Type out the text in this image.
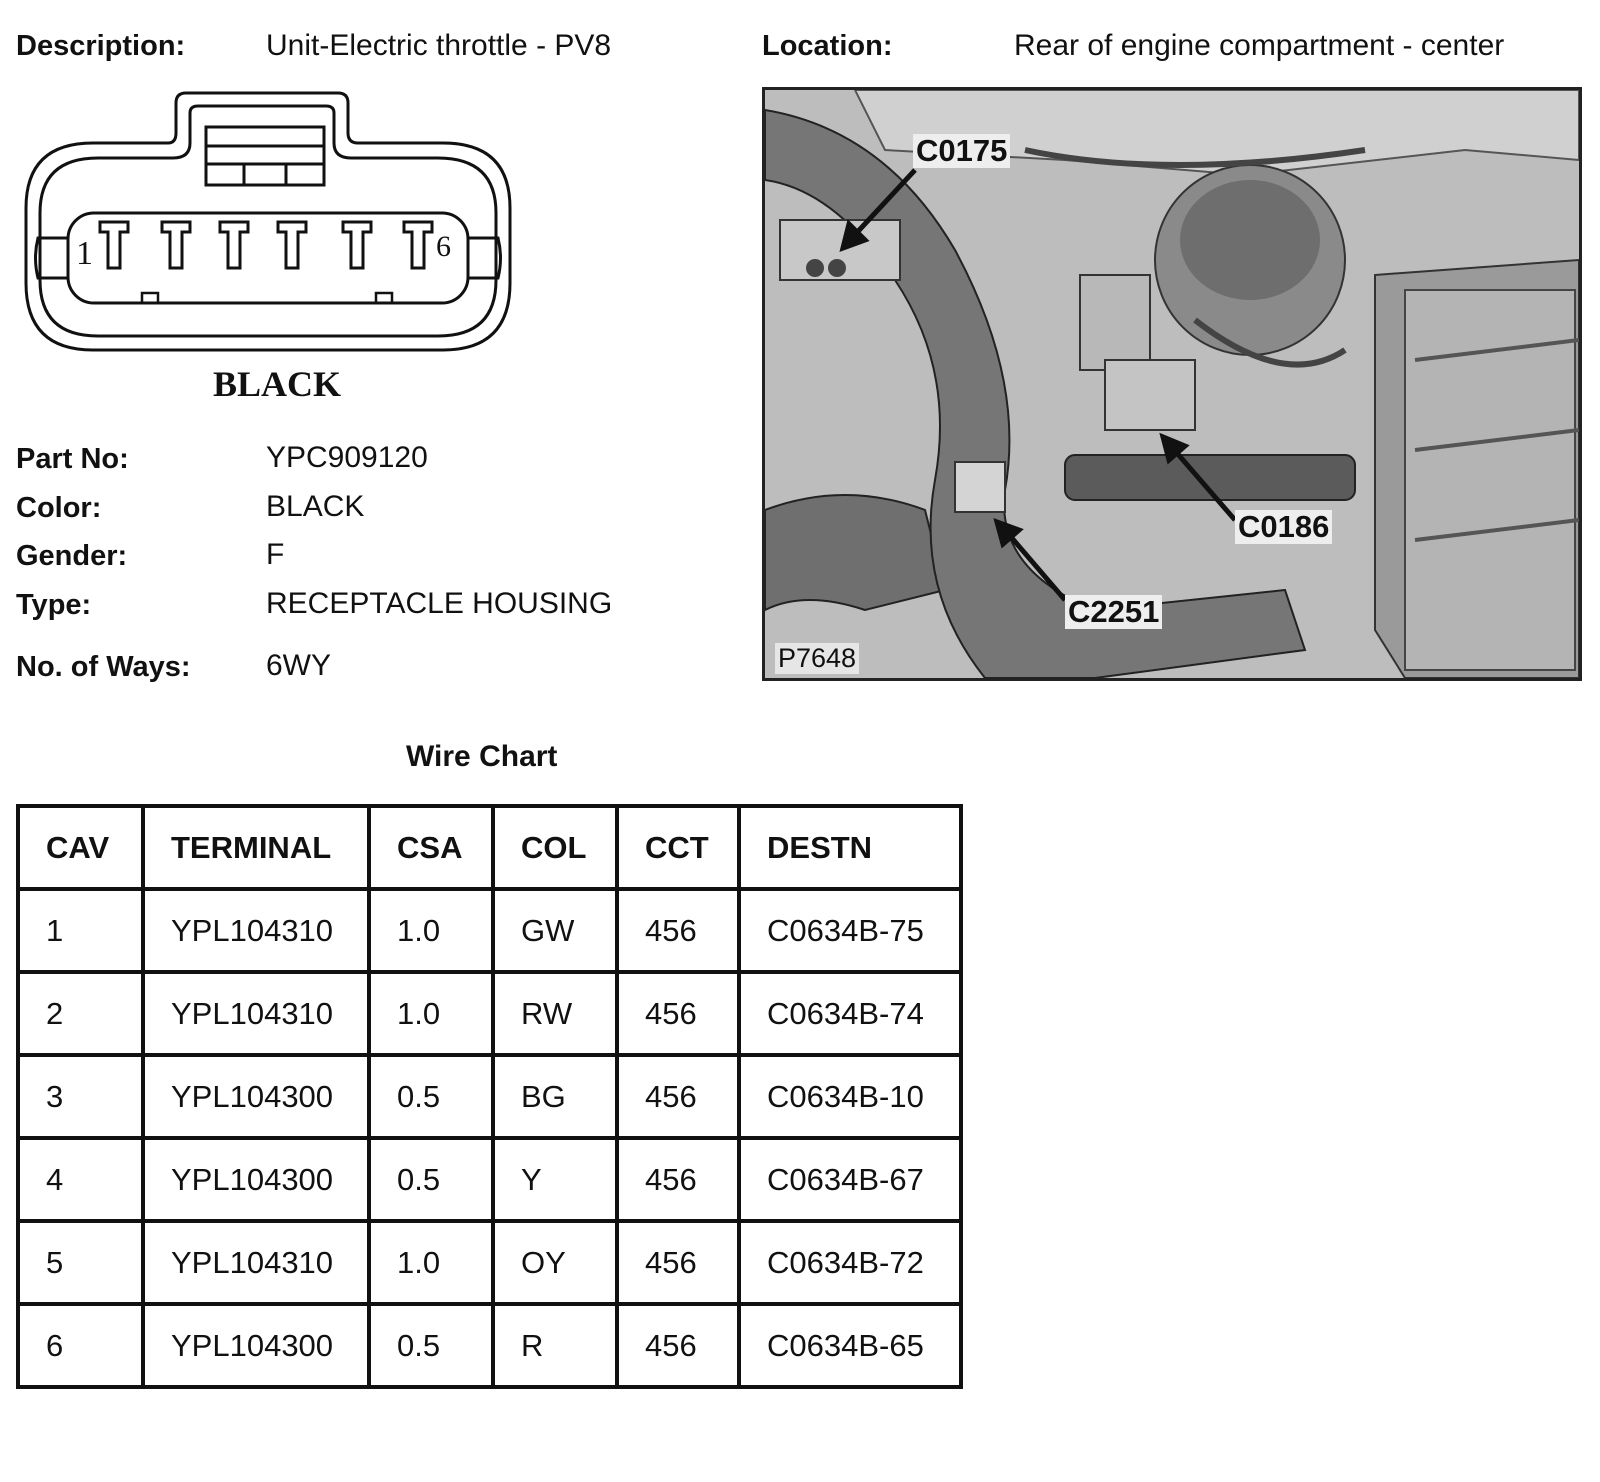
Description:	Unit-Electric throttle - PV8	Location:	Rear of engine compartment - center
1	6
BLACK
Part No:	YPC909120
Color:	BLACK
Gender:	F
Type:	RECEPTACLE HOUSING
No. of Ways:	6WY
C0175
C0186
C2251
P7648
Wire Chart
CAV	TERMINAL	CSA	COL	CCT	DESTN
1	YPL104310	1.0	GW	456	C0634B-75
2	YPL104310	1.0	RW	456	C0634B-74
3	YPL104300	0.5	BG	456	C0634B-10
4	YPL104300	0.5	Y	456	C0634B-67
5	YPL104310	1.0	OY	456	C0634B-72
6	YPL104300	0.5	R	456	C0634B-65
